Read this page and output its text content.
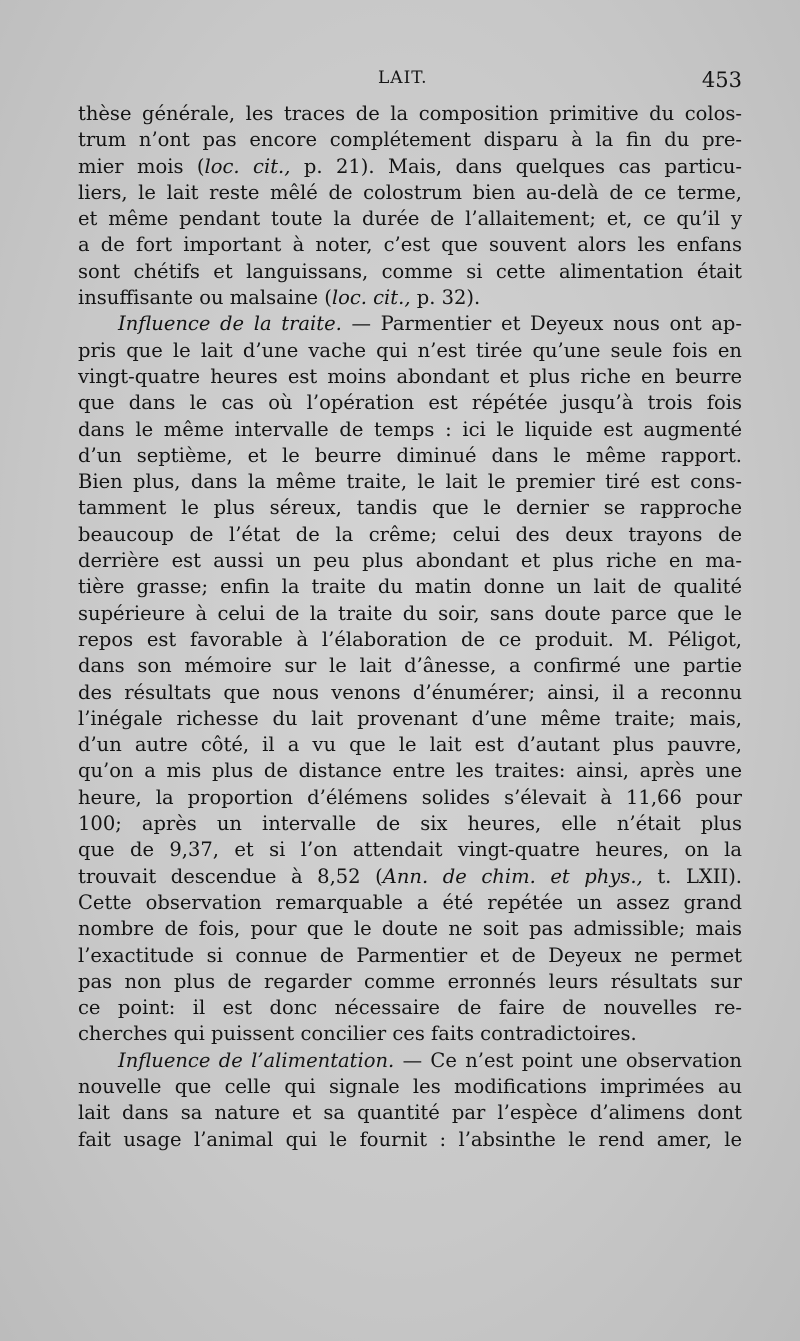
LAIT.	453
thèse générale, les traces de la composition primitive du colos-
trum n’ont pas encore complétement disparu à la fin du pre-
mier mois (loc. cit., p. 21). Mais, dans quelques cas particu-
liers, le lait reste mêlé de colostrum bien au-delà de ce terme,
et même pendant toute la durée de l’allaitement; et, ce qu’il y
a de fort important à noter, c’est que souvent alors les enfans
sont chétifs et languissans, comme si cette alimentation était
insuffisante ou malsaine (loc. cit., p. 32).
Influence de la traite. — Parmentier et Deyeux nous ont ap-
pris que le lait d’une vache qui n’est tirée qu’une seule fois en
vingt-quatre heures est moins abondant et plus riche en beurre
que dans le cas où l’opération est répétée jusqu’à trois fois
dans le même intervalle de temps : ici le liquide est augmenté
d’un septième, et le beurre diminué dans le même rapport.
Bien plus, dans la même traite, le lait le premier tiré est cons-
tamment le plus séreux, tandis que le dernier se rapproche
beaucoup de l’état de la crême; celui des deux trayons de
derrière est aussi un peu plus abondant et plus riche en ma-
tière grasse; enfin la traite du matin donne un lait de qualité
supérieure à celui de la traite du soir, sans doute parce que le
repos est favorable à l’élaboration de ce produit. M. Péligot,
dans son mémoire sur le lait d’ânesse, a confirmé une partie
des résultats que nous venons d’énumérer; ainsi, il a reconnu
l’inégale richesse du lait provenant d’une même traite; mais,
d’un autre côté, il a vu que le lait est d’autant plus pauvre,
qu’on a mis plus de distance entre les traites: ainsi, après une
heure, la proportion d’élémens solides s’élevait à 11,66 pour
100; après un intervalle de six heures, elle n’était plus
que de 9,37, et si l’on attendait vingt-quatre heures, on la
trouvait descendue à 8,52 (Ann. de chim. et phys., t. LXII).
Cette observation remarquable a été repétée un assez grand
nombre de fois, pour que le doute ne soit pas admissible; mais
l’exactitude si connue de Parmentier et de Deyeux ne permet
pas non plus de regarder comme erronnés leurs résultats sur
ce point: il est donc nécessaire de faire de nouvelles re-
cherches qui puissent concilier ces faits contradictoires.
Influence de l’alimentation. — Ce n’est point une observation
nouvelle que celle qui signale les modifications imprimées au
lait dans sa nature et sa quantité par l’espèce d’alimens dont
fait usage l’animal qui le fournit : l’absinthe le rend amer, le
